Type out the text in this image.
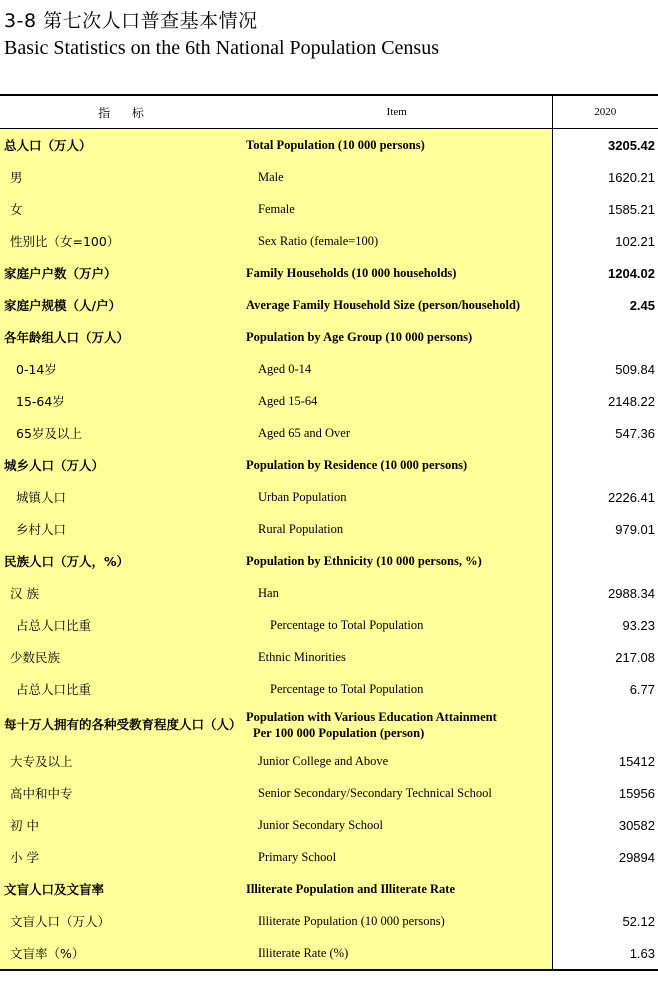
3-8 第七次人口普查基本情况
Basic Statistics on the 6th National Population Census
指 标	Item	2020
总人口（万人）	Total Population (10 000 persons)	3205.42
男	Male	1620.21
女	Female	1585.21
性别比（女=100）	Sex Ratio (female=100)	102.21
家庭户户数（万户）	Family Households (10 000 households)	1204.02
家庭户规模（人/户）	Average Family Household Size (person/household)	2.45
各年龄组人口（万人）	Population by Age Group (10 000 persons)	
0-14岁	Aged 0-14	509.84
15-64岁	Aged 15-64	2148.22
65岁及以上	Aged 65 and Over	547.36
城乡人口（万人）	Population by Residence (10 000 persons)	
城镇人口	Urban Population	2226.41
乡村人口	Rural Population	979.01
民族人口（万人，%）	Population by Ethnicity (10 000 persons, %)	
汉 族	Han	2988.34
占总人口比重	Percentage to Total Population	93.23
少数民族	Ethnic Minorities	217.08
占总人口比重	Percentage to Total Population	6.77
每十万人拥有的各种受教育程度人口（人）	Population with Various Education Attainment
Per 100 000 Population (person)	

大专及以上	Junior College and Above	15412
高中和中专	Senior Secondary/Secondary Technical School	15956
初 中	Junior Secondary School	30582
小 学	Primary School	29894
文盲人口及文盲率	Illiterate Population and Illiterate Rate	
文盲人口（万人）	Illiterate Population (10 000 persons)	52.12
文盲率（%）	Illiterate Rate (%)	1.63
